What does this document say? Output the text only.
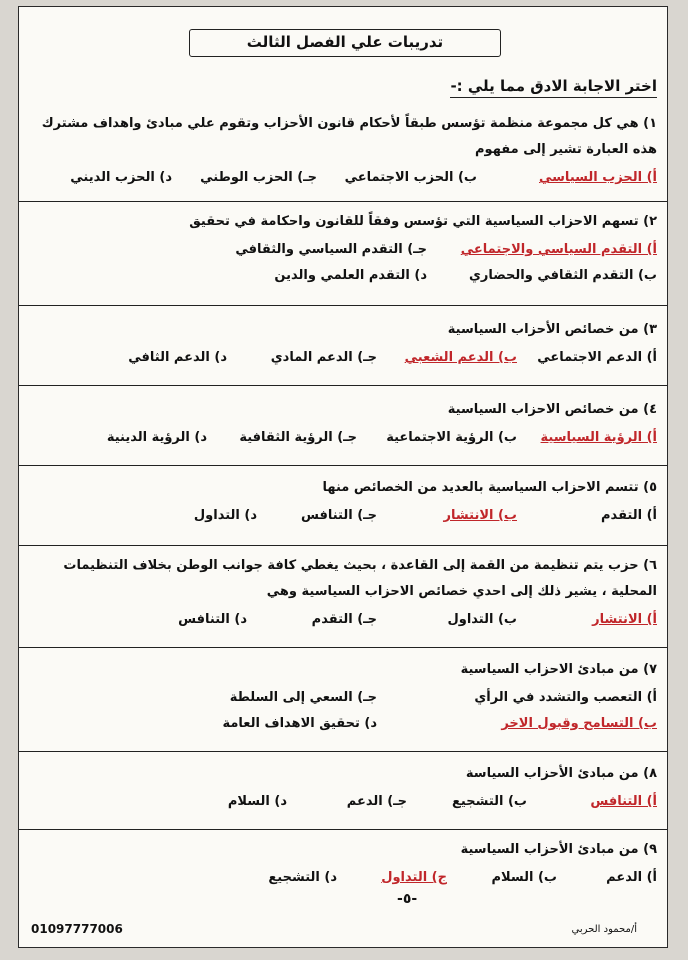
تدريبات علي الفصل الثالث
اختر الاجابة الادق مما يلي :-
١) هي كل مجموعة منظمة تؤسس طبقاً لأحكام قانون الأحزاب وتقوم علي مبادئ واهداف مشترك
هذه العبارة تشير إلى مفهوم
أ) الحزب السياسي
ب) الحزب الاجتماعي
جـ) الحزب الوطني
د) الحزب الديني
٢) تسهم الاحزاب السياسية التي تؤسس وفقاً للقانون واحكامة في تحقيق
أ) التقدم السياسي والاجتماعي
جـ) التقدم السياسي والثقافي
ب) التقدم الثقافي والحضاري
د) التقدم العلمي والدين
٣) من خصائص الأحزاب السياسية
أ) الدعم الاجتماعي
ب) الدعم الشعبي
جـ) الدعم المادي
د) الدعم الثافي
٤) من خصائص الاحزاب السياسية
أ) الرؤية السياسية
ب) الرؤية الاجتماعية
جـ) الرؤية الثقافية
د) الرؤية الدينية
٥) تتسم الاحزاب السياسية بالعديد من الخصائص منها
أ) التقدم
ب) الانتشار
جـ) التنافس
د) التداول
٦) حزب يتم تنظيمة من القمة إلى القاعدة ، بحيث يغطي كافة جوانب الوطن بخلاف التنظيمات
المحلية ، يشير ذلك إلى احدي خصائص الاحزاب السياسية وهي
أ) الانتشار
ب) التداول
جـ) التقدم
د) التنافس
٧) من مبادئ الاحزاب السياسية
أ) التعصب والتشدد في الرأي
جـ) السعي إلى السلطة
ب) التسامح وقبول الاخر
د) تحقيق الاهداف العامة
٨) من مبادئ الأحزاب السياسة
أ) التنافس
ب) التشجيع
جـ) الدعم
د) السلام
٩) من مبادئ الأحزاب السياسية
أ) الدعم
ب) السلام
ج) التداول
د) التشجيع
-٥-
01097777006	أ/محمود الحربي
